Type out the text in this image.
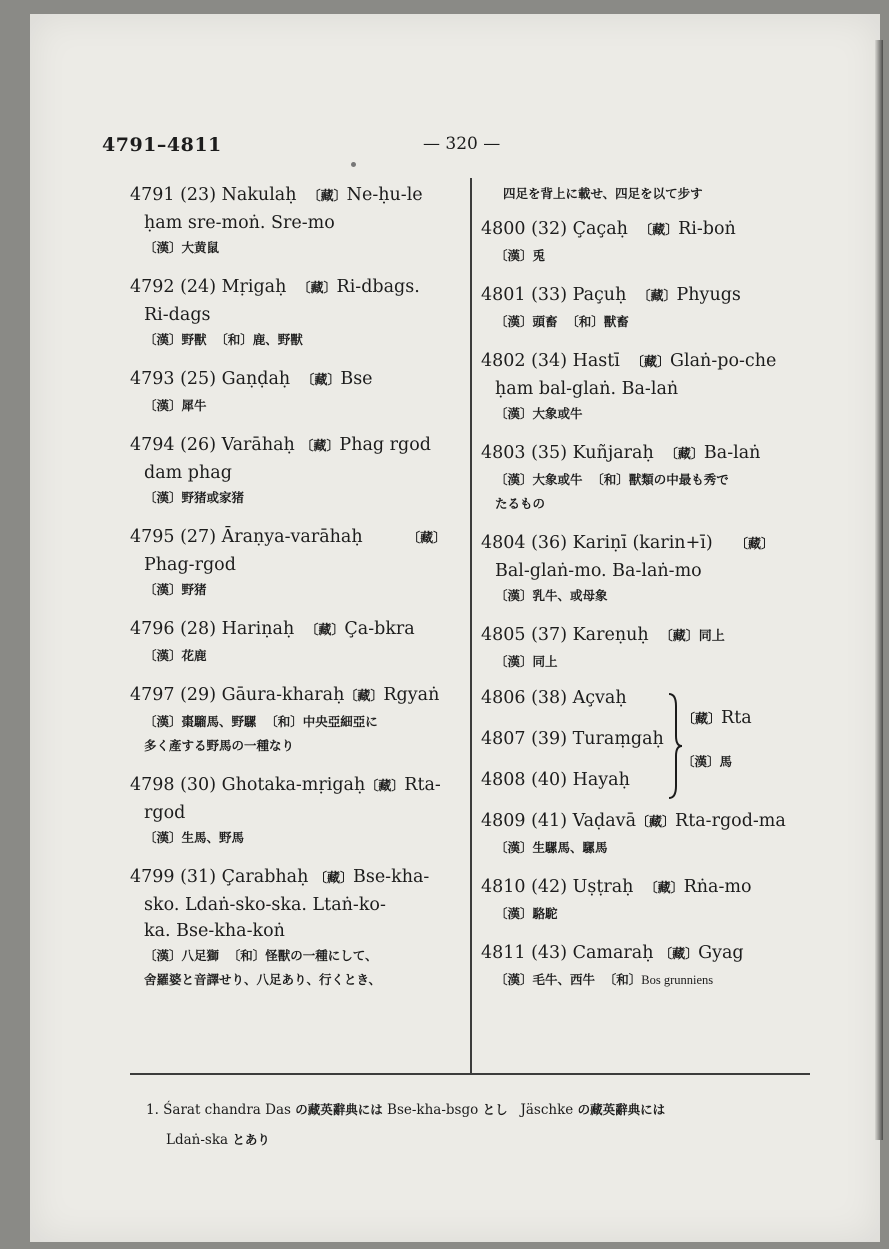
4791–4811	— 320 —
4791 (23) Nakulaḥ 〔藏〕Ne-ḥu-le
ḥam sre-moṅ. Sre-mo
〔漢〕大黄鼠
4792 (24) Mṛigaḥ 〔藏〕Ri-dbags.
Ri-dags
〔漢〕野獸 〔和〕鹿、野獸
4793 (25) Gaṇḍaḥ 〔藏〕Bse
〔漢〕犀牛
4794 (26) Varāhaḥ 〔藏〕Phag rgod
dam phag
〔漢〕野猪或家猪
4795 (27) Āraṇya-varāhaḥ	〔藏〕
Phag-rgod
〔漢〕野猪
4796 (28) Hariṇaḥ 〔藏〕Ça-bkra
〔漢〕花鹿
4797 (29) Gāura-kharaḥ〔藏〕Rgyaṅ
〔漢〕棗騮馬、野騾 〔和〕中央亞細亞に
多く產する野馬の一種なり
4798 (30) Ghotaka-mṛigaḥ〔藏〕Rta-
rgod
〔漢〕生馬、野馬
4799 (31) Çarabhaḥ 〔藏〕Bse-kha-
sko. Ldaṅ-sko-ska. Ltaṅ-ko-
ka. Bse-kha-koṅ
〔漢〕八足獅 〔和〕怪獸の一種にして、
舍羅婆と音譯せり、八足あり、行くとき、
四足を背上に載せ、四足を以て步す
4800 (32) Çaçaḥ 〔藏〕Ri-boṅ
〔漢〕兎
4801 (33) Paçuḥ 〔藏〕Phyugs
〔漢〕頭畜 〔和〕獸畜
4802 (34) Hastī 〔藏〕Glaṅ-po-che
ḥam bal-glaṅ. Ba-laṅ
〔漢〕大象或牛
4803 (35) Kuñjaraḥ 〔藏〕Ba-laṅ
〔漢〕大象或牛 〔和〕獸類の中最も秀で
たるもの
4804 (36) Kariṇī (karin+ī) 〔藏〕
Bal-glaṅ-mo. Ba-laṅ-mo
〔漢〕乳牛、或母象
4805 (37) Kareṇuḥ 〔藏〕同上
〔漢〕同上
4806 (38) Açvaḥ
4807 (39) Turaṃgaḥ
4808 (40) Hayaḥ
〔藏〕Rta
〔漢〕馬
4809 (41) Vaḍavā〔藏〕Rta-rgod-ma
〔漢〕生騾馬、騾馬
4810 (42) Uṣṭraḥ 〔藏〕Rṅa-mo
〔漢〕駱駝
4811 (43) Camaraḥ 〔藏〕Gyag
〔漢〕毛牛、西牛 〔和〕Bos grunniens
1. Śarat chandra Das の藏英辭典には Bse-kha-bsgo とし Jäschke の藏英辭典には
Ldaṅ-ska とあり
